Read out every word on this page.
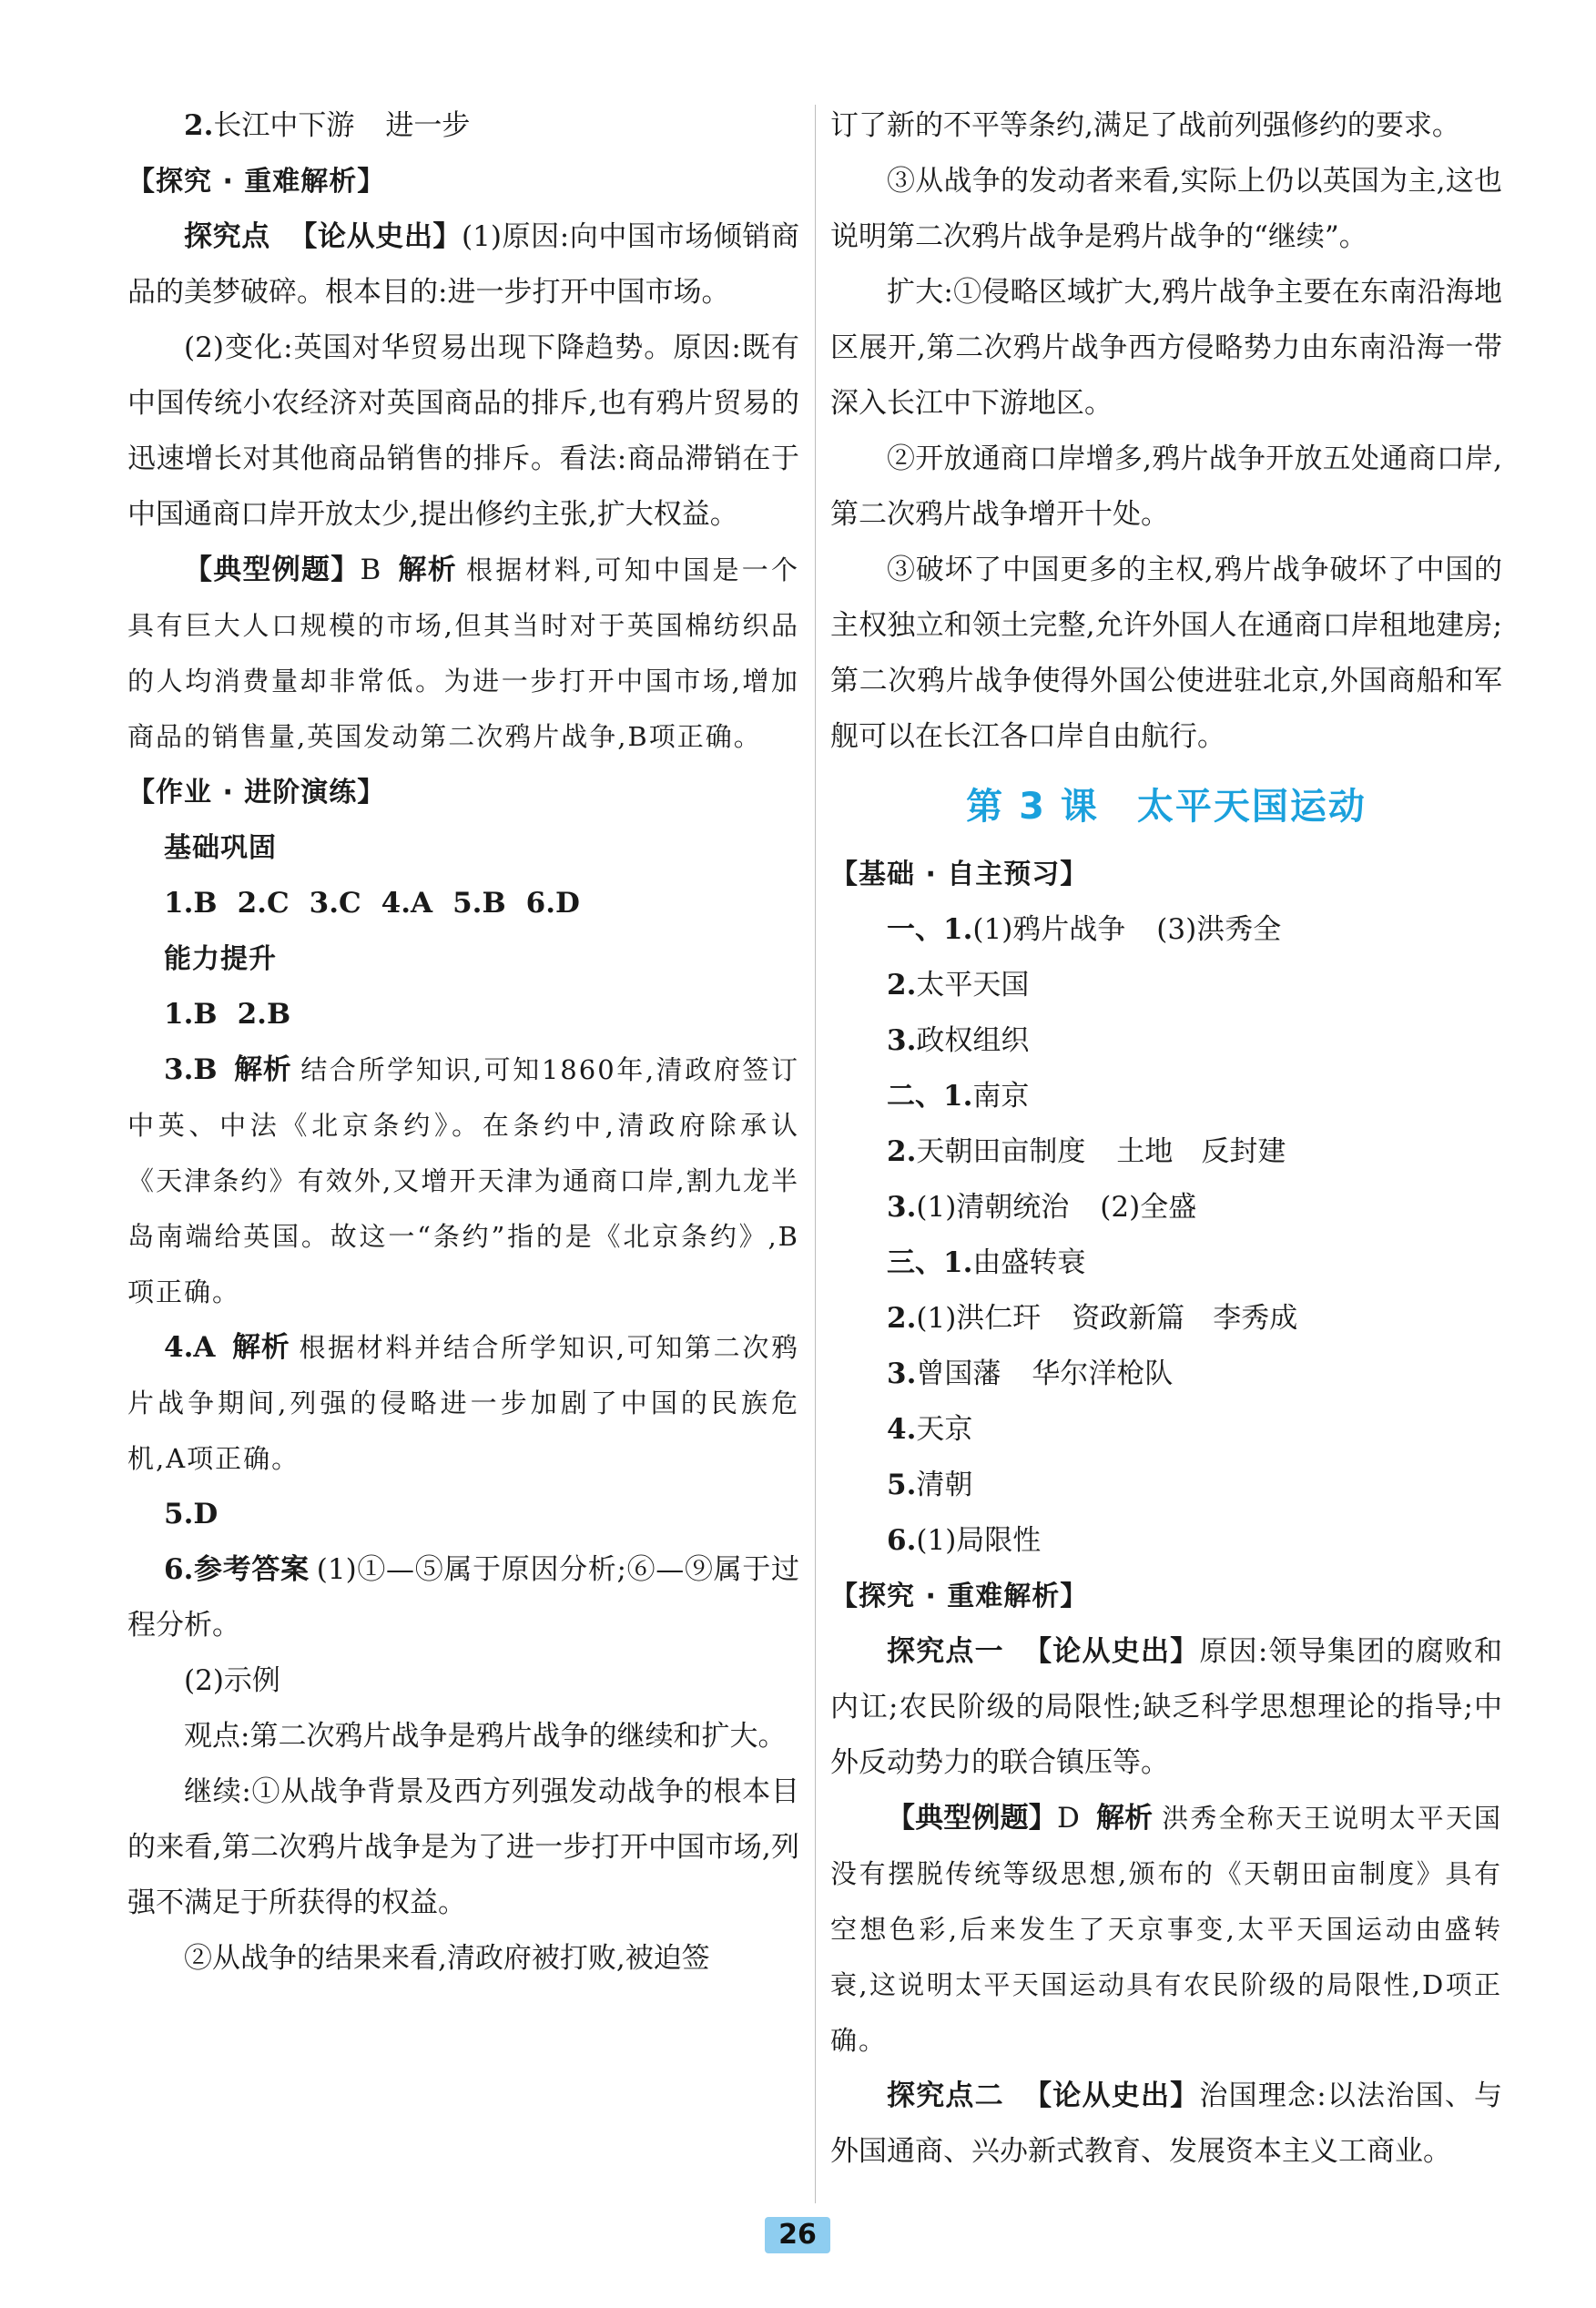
2.长江中下游 进一步

【探究 · 重难解析】

探究点 【论从史出】(1)原因:向中国市场倾销商品的美梦破碎。根本目的:进一步打开中国市场。

(2)变化:英国对华贸易出现下降趋势。原因:既有中国传统小农经济对英国商品的排斥,也有鸦片贸易的迅速增长对其他商品销售的排斥。看法:商品滞销在于中国通商口岸开放太少,提出修约主张,扩大权益。

【典型例题】B 解析 根据材料,可知中国是一个具有巨大人口规模的市场,但其当时对于英国棉纺织品的人均消费量却非常低。为进一步打开中国市场,增加商品的销售量,英国发动第二次鸦片战争,B项正确。

【作业 · 进阶演练】

基础巩固

1.B 2.C 3.C 4.A 5.B 6.D

能力提升

1.B 2.B

3.B 解析 结合所学知识,可知1860年,清政府签订中英、中法《北京条约》。在条约中,清政府除承认《天津条约》有效外,又增开天津为通商口岸,割九龙半岛南端给英国。故这一“条约”指的是《北京条约》,B项正确。

4.A 解析 根据材料并结合所学知识,可知第二次鸦片战争期间,列强的侵略进一步加剧了中国的民族危机,A项正确。

5.D

6.参考答案 (1)①—⑤属于原因分析;⑥—⑨属于过程分析。

(2)示例

观点:第二次鸦片战争是鸦片战争的继续和扩大。

继续:①从战争背景及西方列强发动战争的根本目的来看,第二次鸦片战争是为了进一步打开中国市场,列强不满足于所获得的权益。

②从战争的结果来看,清政府被打败,被迫签

订了新的不平等条约,满足了战前列强修约的要求。

③从战争的发动者来看,实际上仍以英国为主,这也说明第二次鸦片战争是鸦片战争的“继续”。

扩大:①侵略区域扩大,鸦片战争主要在东南沿海地区展开,第二次鸦片战争西方侵略势力由东南沿海一带深入长江中下游地区。

②开放通商口岸增多,鸦片战争开放五处通商口岸,第二次鸦片战争增开十处。

③破坏了中国更多的主权,鸦片战争破坏了中国的主权独立和领土完整,允许外国人在通商口岸租地建房;第二次鸦片战争使得外国公使进驻北京,外国商船和军舰可以在长江各口岸自由航行。

第 3 课　太平天国运动

【基础 · 自主预习】

一、1.(1)鸦片战争 (3)洪秀全

2.太平天国

3.政权组织

二、1.南京

2.天朝田亩制度 土地　反封建

3.(1)清朝统治 (2)全盛

三、1.由盛转衰

2.(1)洪仁玕 资政新篇　李秀成

3.曾国藩 华尔洋枪队

4.天京

5.清朝

6.(1)局限性

【探究 · 重难解析】

探究点一 【论从史出】原因:领导集团的腐败和内讧;农民阶级的局限性;缺乏科学思想理论的指导;中外反动势力的联合镇压等。

【典型例题】D 解析 洪秀全称天王说明太平天国没有摆脱传统等级思想,颁布的《天朝田亩制度》具有空想色彩,后来发生了天京事变,太平天国运动由盛转衰,这说明太平天国运动具有农民阶级的局限性,D项正确。

探究点二 【论从史出】治国理念:以法治国、与外国通商、兴办新式教育、发展资本主义工商业。

26
